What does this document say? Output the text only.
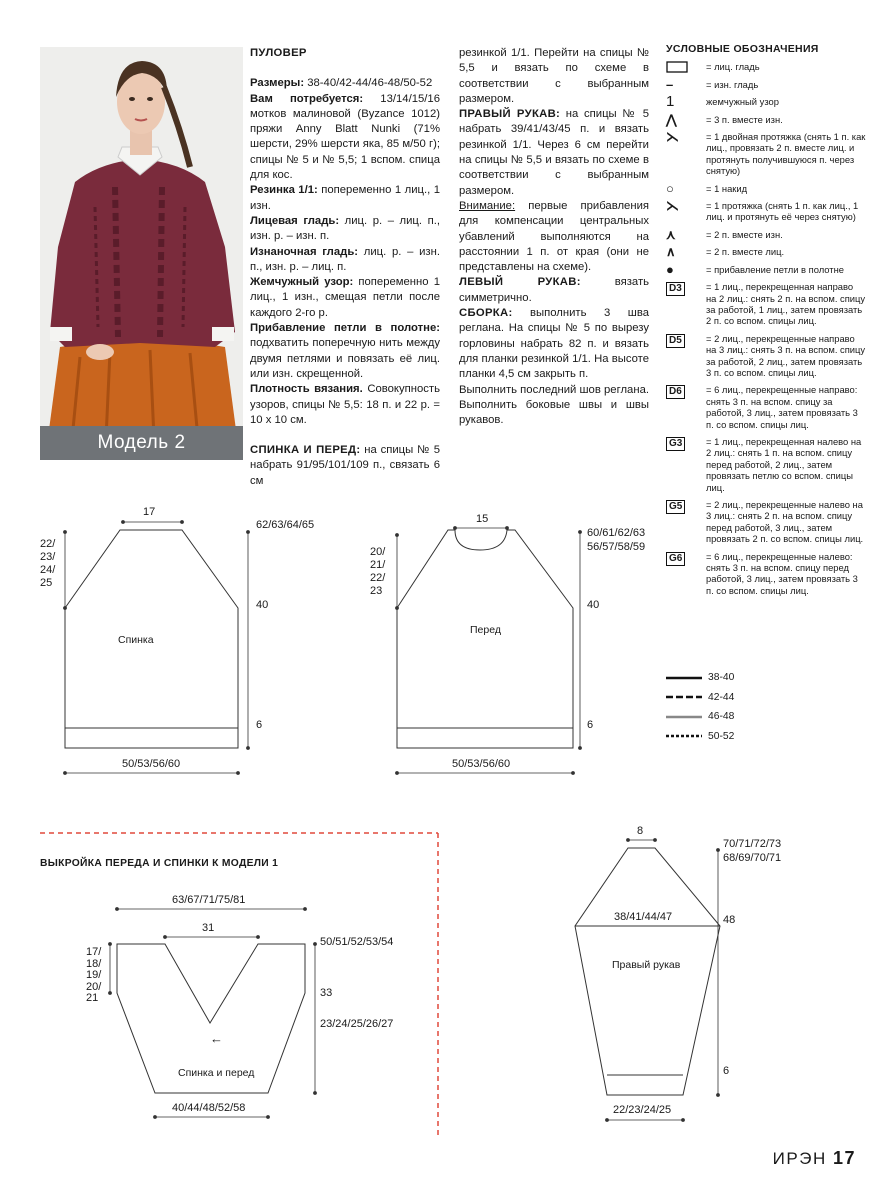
Модель 2

ПУЛОВЕР

Размеры: 38-40/42-44/46-48/50-52

Вам потребуется: 13/14/15/16 мотков малиновой (Byzance 1012) пряжи Anny Blatt Nunki (71% шерсти, 29% шерсти яка, 85 м/50 г); спицы № 5 и № 5,5; 1 вспом. спица для кос.

Резинка 1/1: попеременно 1 лиц., 1 изн.

Лицевая гладь: лиц. р. – лиц. п., изн. р. – изн. п.

Изнаночная гладь: лиц. р. – изн. п., изн. р. – лиц. п.

Жемчужный узор: попеременно 1 лиц., 1 изн., смещая петли после каждого 2-го р.

Прибавление петли в полотне: подхватить поперечную нить между двумя петлями и повязать её лиц. или изн. скрещенной.

Плотность вязания. Совокупность узоров, спицы № 5,5: 18 п. и 22 р. = 10 х 10 см.

СПИНКА И ПЕРЕД: на спицы № 5 набрать 91/95/101/109 п., связать 6 см

резинкой 1/1. Перейти на спицы № 5,5 и вязать по схеме в соответствии с выбранным размером.

ПРАВЫЙ РУКАВ: на спицы № 5 набрать 39/41/43/45 п. и вязать резинкой 1/1. Через 6 см перейти на спицы № 5,5 и вязать по схеме в соответствии с выбранным размером.

Внимание: первые прибавления для компенсации центральных убавлений выполняются на расстоянии 1 п. от края (они не представлены на схеме).

ЛЕВЫЙ РУКАВ: вязать симметрично.

СБОРКА: выполнить 3 шва реглана. На спицы № 5 по вырезу горловины набрать 82 п. и вязать для планки резинкой 1/1. На высоте планки 4,5 см закрыть п.

Выполнить последний шов реглана. Выполнить боковые швы и швы рукавов.

УСЛОВНЫЕ ОБОЗНАЧЕНИЯ
= лиц. гладь
–	= изн. гладь
1	жемчужный узор
⋀	= 3 п. вместе изн.
⋋	= 1 двойная протяжка (снять 1 п. как лиц., провязать 2 п. вместе лиц. и протянуть получившуюся п. через снятую)
○	= 1 накид
⋋	= 1 протяжка (снять 1 п. как лиц., 1 лиц. и протянуть её через снятую)
⋏	= 2 п. вместе изн.
∧	= 2 п. вместе лиц.
●	= прибавление петли в полотне
D3	= 1 лиц., перекрещенная направо на 2 лиц.: снять 2 п. на вспом. спицу за работой, 1 лиц., затем провязать 2 п. со вспом. спицы лиц.
D5	= 2 лиц., перекрещенные направо на 3 лиц.: снять 3 п. на вспом. спицу за работой, 2 лиц., затем провязать 3 п. со вспом. спицы лиц.
D6	= 6 лиц., перекрещенные направо: снять 3 п. на вспом. спицу за работой, 3 лиц., затем провязать 3 п. со вспом. спицы лиц.
G3	= 1 лиц., перекрещенная налево на 2 лиц.: снять 1 п. на вспом. спицу перед работой, 2 лиц., затем провязать петлю со вспом. спицы лиц.
G5	= 2 лиц., перекрещенные налево на 3 лиц.: снять 2 п. на вспом. спицу перед работой, 3 лиц., затем провязать 2 п. со вспом. спицы лиц.
G6	= 6 лиц., перекрещенные налево: снять 3 п. на вспом. спицу перед работой, 3 лиц., затем провязать 3 п. со вспом. спицы лиц.
38-40
42-44
46-48
50-52
17
22/
23/
24/
25
62/63/64/65
40
6
Спинка
50/53/56/60
15
20/
21/
22/
23
60/61/62/63
56/57/58/59
40
6
Перед
50/53/56/60
ВЫКРОЙКА ПЕРЕДА И СПИНКИ К МОДЕЛИ 1
63/67/71/75/81
31
17/
18/
19/
20/
21
50/51/52/53/54
33
23/24/25/26/27
←
Спинка и перед
40/44/48/52/58
8
38/41/44/47
70/71/72/73
68/69/70/71
48
6
Правый рукав
22/23/24/25
ИРЭН 17
